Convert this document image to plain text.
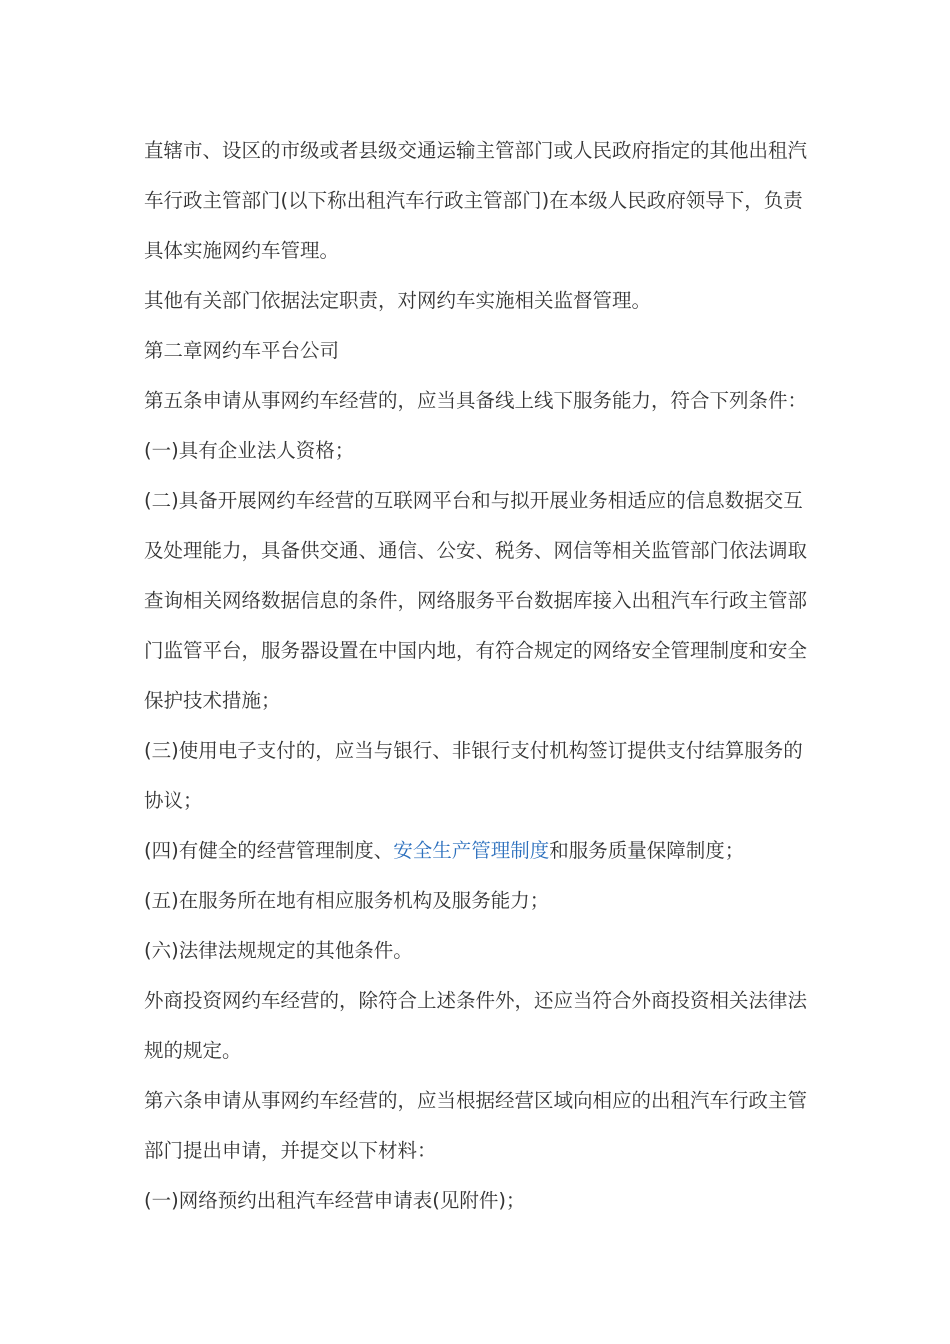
直辖市、设区的市级或者县级交通运输主管部门或人民政府指定的其他出租汽

车行政主管部门(以下称出租汽车行政主管部门)在本级人民政府领导下，负责

具体实施网约车管理。

其他有关部门依据法定职责，对网约车实施相关监督管理。

第二章网约车平台公司

第五条申请从事网约车经营的，应当具备线上线下服务能力，符合下列条件：

(一)具有企业法人资格；

(二)具备开展网约车经营的互联网平台和与拟开展业务相适应的信息数据交互

及处理能力，具备供交通、通信、公安、税务、网信等相关监管部门依法调取

查询相关网络数据信息的条件，网络服务平台数据库接入出租汽车行政主管部

门监管平台，服务器设置在中国内地，有符合规定的网络安全管理制度和安全

保护技术措施；

(三)使用电子支付的，应当与银行、非银行支付机构签订提供支付结算服务的

协议；

(四)有健全的经营管理制度、安全生产管理制度和服务质量保障制度；

(五)在服务所在地有相应服务机构及服务能力；

(六)法律法规规定的其他条件。

外商投资网约车经营的，除符合上述条件外，还应当符合外商投资相关法律法

规的规定。

第六条申请从事网约车经营的，应当根据经营区域向相应的出租汽车行政主管

部门提出申请，并提交以下材料：

(一)网络预约出租汽车经营申请表(见附件)；
